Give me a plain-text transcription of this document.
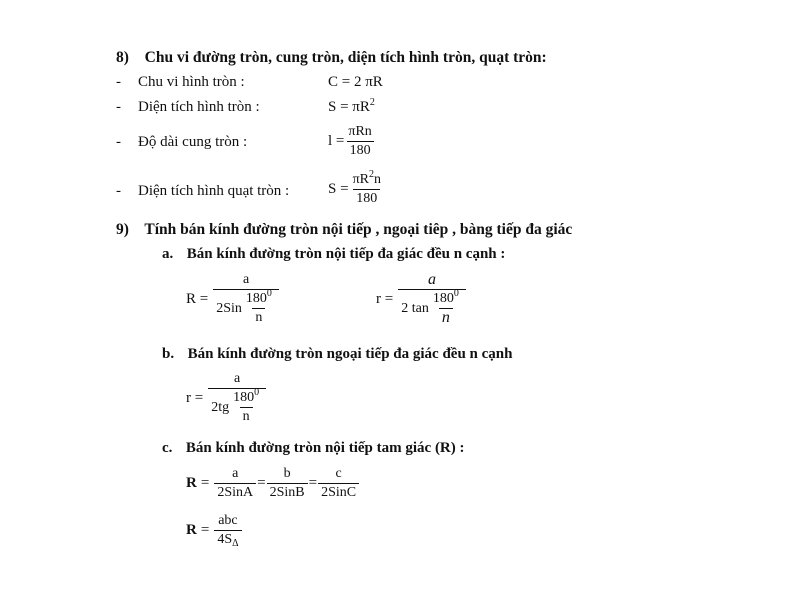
8) Chu vi đường tròn, cung tròn, diện tích hình tròn, quạt tròn:
- Chu vi hình tròn :	C = 2 πR
- Diện tích hình tròn :	$S = \pi R^2$
- Độ dài cung tròn :	$l = \frac{\text{πRn}}{180}$
- Diện tích hình quạt tròn :	$S = \frac{\pi R^2n}{180}$
9) Tính bán kính đường tròn nội tiếp , ngoại tiêp , bàng tiếp đa giác
a. Bán kính đường tròn nội tiếp đa giác đều n cạnh :
$R = \frac{a}{2Sin \frac{180^0}{n}}$	$r = \frac{a}{2 \tan \frac{180^0}{n}}$
b. Bán kính đường tròn ngoại tiếp đa giác đều n cạnh
$r = \frac{a}{2tg \frac{180^0}{n}}$
c. Bán kính đường tròn nội tiếp tam giác (R) :
$R = \frac{a}{\text{2SinA}} = \frac{b}{\text{2SinB}} = \frac{c}{\text{2SinC}}$
$R = \frac{\text{abc}}{4S_\Delta}$
